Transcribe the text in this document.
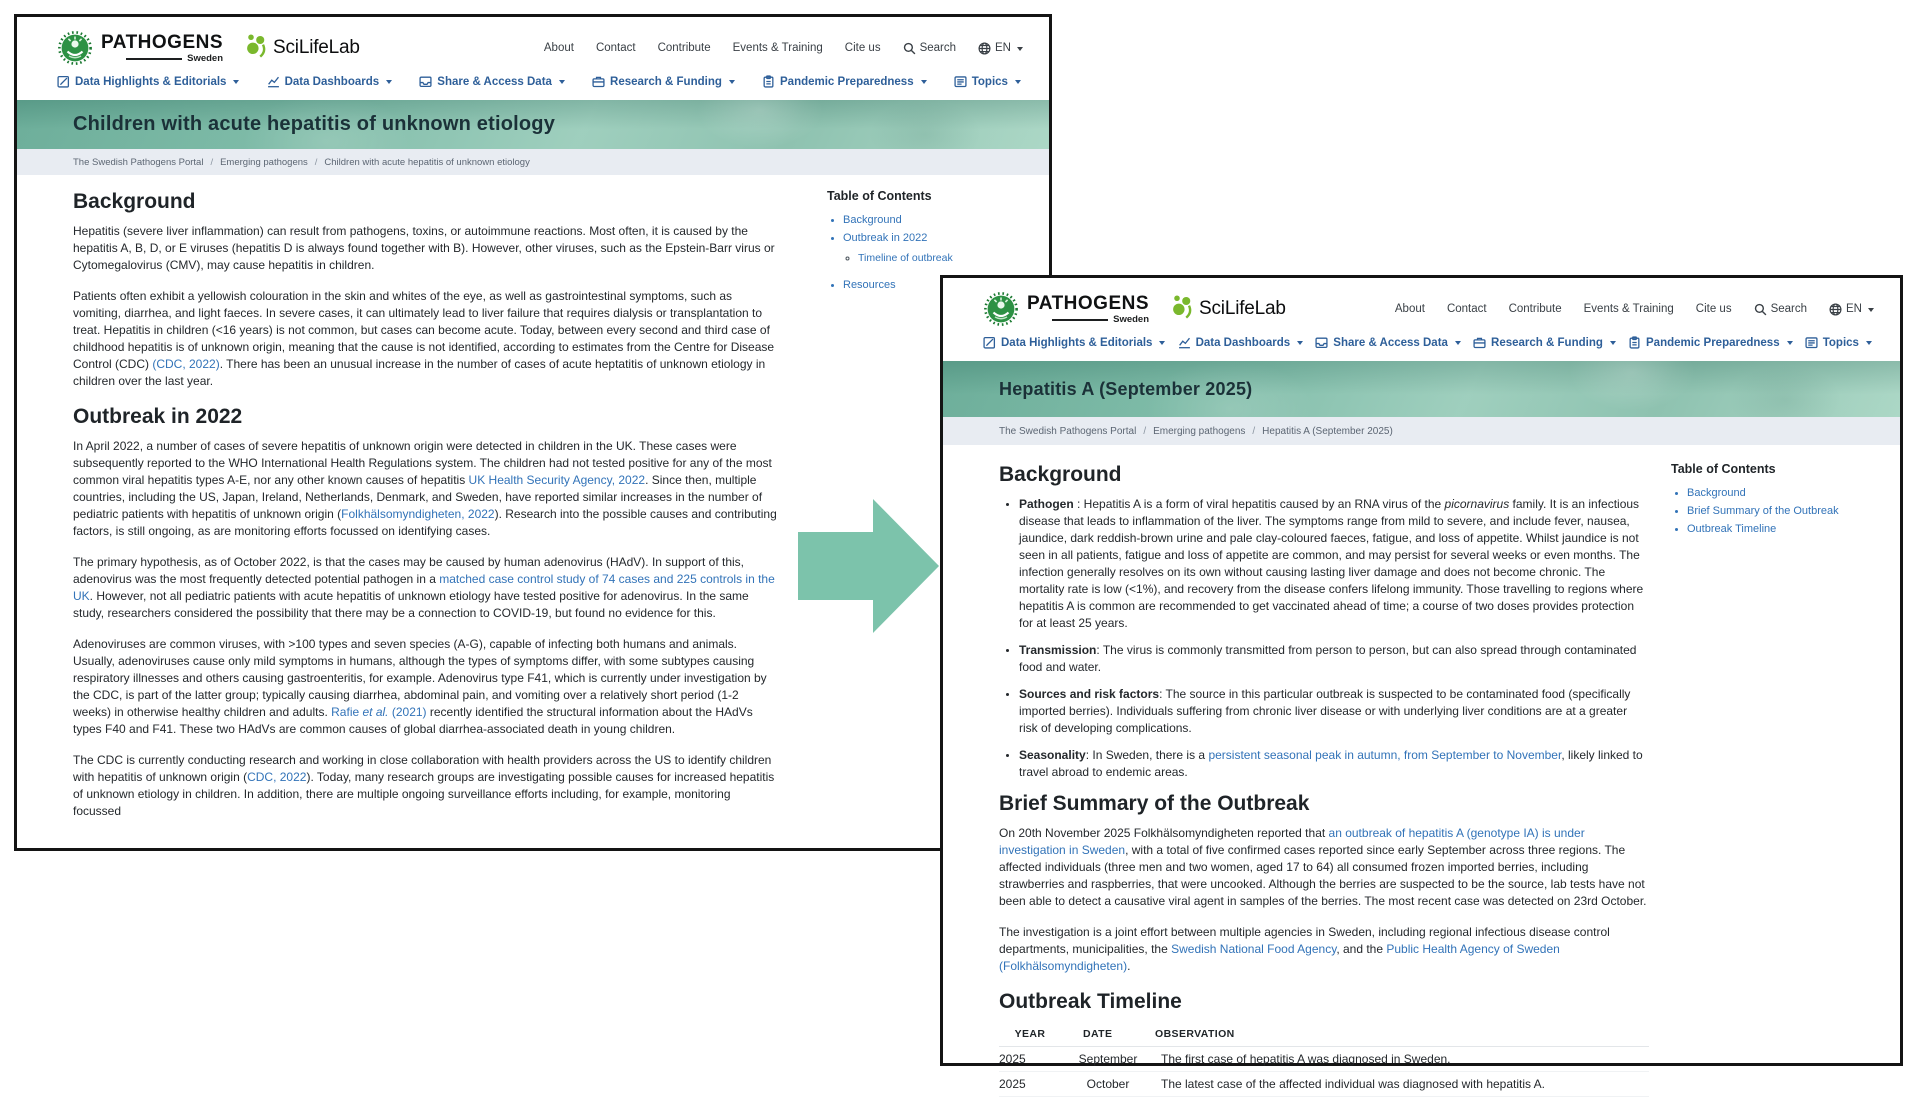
PATHOGENS
Sweden
SciLifeLab	About Contact Contribute Events & Training Cite us	Search	EN
Data Highlights & Editorials	Data Dashboards	Share & Access Data	Research & Funding	Pandemic Preparedness	Topics
Children with acute hepatitis of unknown etiology
The Swedish Pathogens Portal	/ Emerging pathogens	/ Children with acute hepatitis of unknown etiology
Background

Hepatitis (severe liver inflammation) can result from pathogens, toxins, or autoimmune reactions. Most often, it is caused by the hepatitis A, B, D, or E viruses (hepatitis D is always found together with B). However, other viruses, such as the Epstein-Barr virus or Cytomegalovirus (CMV), may cause hepatitis in children.

Patients often exhibit a yellowish colouration in the skin and whites of the eye, as well as gastrointestinal symptoms, such as vomiting, diarrhea, and light faeces. In severe cases, it can ultimately lead to liver failure that requires dialysis or transplantation to treat. Hepatitis in children (<16 years) is not common, but cases can become acute. Today, between every second and third case of childhood hepatitis is of unknown origin, meaning that the cause is not identified, according to estimates from the Centre for Disease Control (CDC) (CDC, 2022). There has been an unusual increase in the number of cases of acute heptatitis of unknown etiology in children over the last year.

Outbreak in 2022

In April 2022, a number of cases of severe hepatitis of unknown origin were detected in children in the UK. These cases were subsequently reported to the WHO International Health Regulations system. The children had not tested positive for any of the most common viral hepatitis types A-E, nor any other known causes of hepatitis UK Health Security Agency, 2022. Since then, multiple countries, including the US, Japan, Ireland, Netherlands, Denmark, and Sweden, have reported similar increases in the number of pediatric patients with hepatitis of unknown origin (Folkhälsomyndigheten, 2022). Research into the possible causes and contributing factors, is still ongoing, as are monitoring efforts focussed on identifying cases.

The primary hypothesis, as of October 2022, is that the cases may be caused by human adenovirus (HAdV). In support of this, adenovirus was the most frequently detected potential pathogen in a matched case control study of 74 cases and 225 controls in the UK. However, not all pediatric patients with acute hepatitis of unknown etiology have tested positive for adenovirus. In the same study, researchers considered the possibility that there may be a connection to COVID-19, but found no evidence for this.

Adenoviruses are common viruses, with >100 types and seven species (A-G), capable of infecting both humans and animals. Usually, adenoviruses cause only mild symptoms in humans, although the types of symptoms differ, with some subtypes causing respiratory illnesses and others causing gastroenteritis, for example. Adenovirus type F41, which is currently under investigation by the CDC, is part of the latter group; typically causing diarrhea, abdominal pain, and vomiting over a relatively short period (1-2 weeks) in otherwise healthy children and adults. Rafie et al. (2021) recently identified the structural information about the HAdVs types F40 and F41. These two HAdVs are common causes of global diarrhea-associated death in young children.

The CDC is currently conducting research and working in close collaboration with health providers across the US to identify children with hepatitis of unknown origin (CDC, 2022). Today, many research groups are investigating possible causes for increased hepatitis of unknown etiology in children. In addition, there are multiple ongoing surveillance efforts including, for example, monitoring focussed

Table of Contents
• Background
• Outbreak in 2022
◦ Timeline of outbreak
• Resources
PATHOGENS
Sweden
SciLifeLab	About Contact Contribute Events & Training Cite us	Search	EN
Data Highlights & Editorials	Data Dashboards	Share & Access Data	Research & Funding	Pandemic Preparedness	Topics
Hepatitis A (September 2025)
The Swedish Pathogens Portal	/ Emerging pathogens	/ Hepatitis A (September 2025)
Background
• Pathogen : Hepatitis A is a form of viral hepatitis caused by an RNA virus of the picornavirus family. It is an infectious disease that leads to inflammation of the liver. The symptoms range from mild to severe, and include fever, nausea, jaundice, dark reddish-brown urine and pale clay-coloured faeces, fatigue, and loss of appetite. Whilst jaundice is not seen in all patients, fatigue and loss of appetite are common, and may persist for several weeks or even months. The infection generally resolves on its own without causing lasting liver damage and does not become chronic. The mortality rate is low (<1%), and recovery from the disease confers lifelong immunity. Those travelling to regions where hepatitis A is common are recommended to get vaccinated ahead of time; a course of two doses provides protection for at least 25 years.
• Transmission: The virus is commonly transmitted from person to person, but can also spread through contaminated food and water.
• Sources and risk factors: The source in this particular outbreak is suspected to be contaminated food (specifically imported berries). Individuals suffering from chronic liver disease or with underlying liver conditions are at a greater risk of developing complications.
• Seasonality: In Sweden, there is a persistent seasonal peak in autumn, from September to November, likely linked to travel abroad to endemic areas.
Brief Summary of the Outbreak

On 20th November 2025 Folkhälsomyndigheten reported that an outbreak of hepatitis A (genotype IA) is under investigation in Sweden, with a total of five confirmed cases reported since early September across three regions. The affected individuals (three men and two women, aged 17 to 64) all consumed frozen imported berries, including strawberries and raspberries, that were uncooked. Although the berries are suspected to be the source, lab tests have not been able to detect a causative viral agent in samples of the berries. The most recent case was detected on 23rd October.

The investigation is a joint effort between multiple agencies in Sweden, including regional infectious disease control departments, municipalities, the Swedish National Food Agency, and the Public Health Agency of Sweden (Folkhälsomyndigheten).

Outbreak Timeline
YEAR	DATE	OBSERVATION
2025	September	The first case of hepatitis A was diagnosed in Sweden.
2025	October	The latest case of the affected individual was diagnosed with hepatitis A.
Table of Contents
• Background
• Brief Summary of the Outbreak
• Outbreak Timeline
